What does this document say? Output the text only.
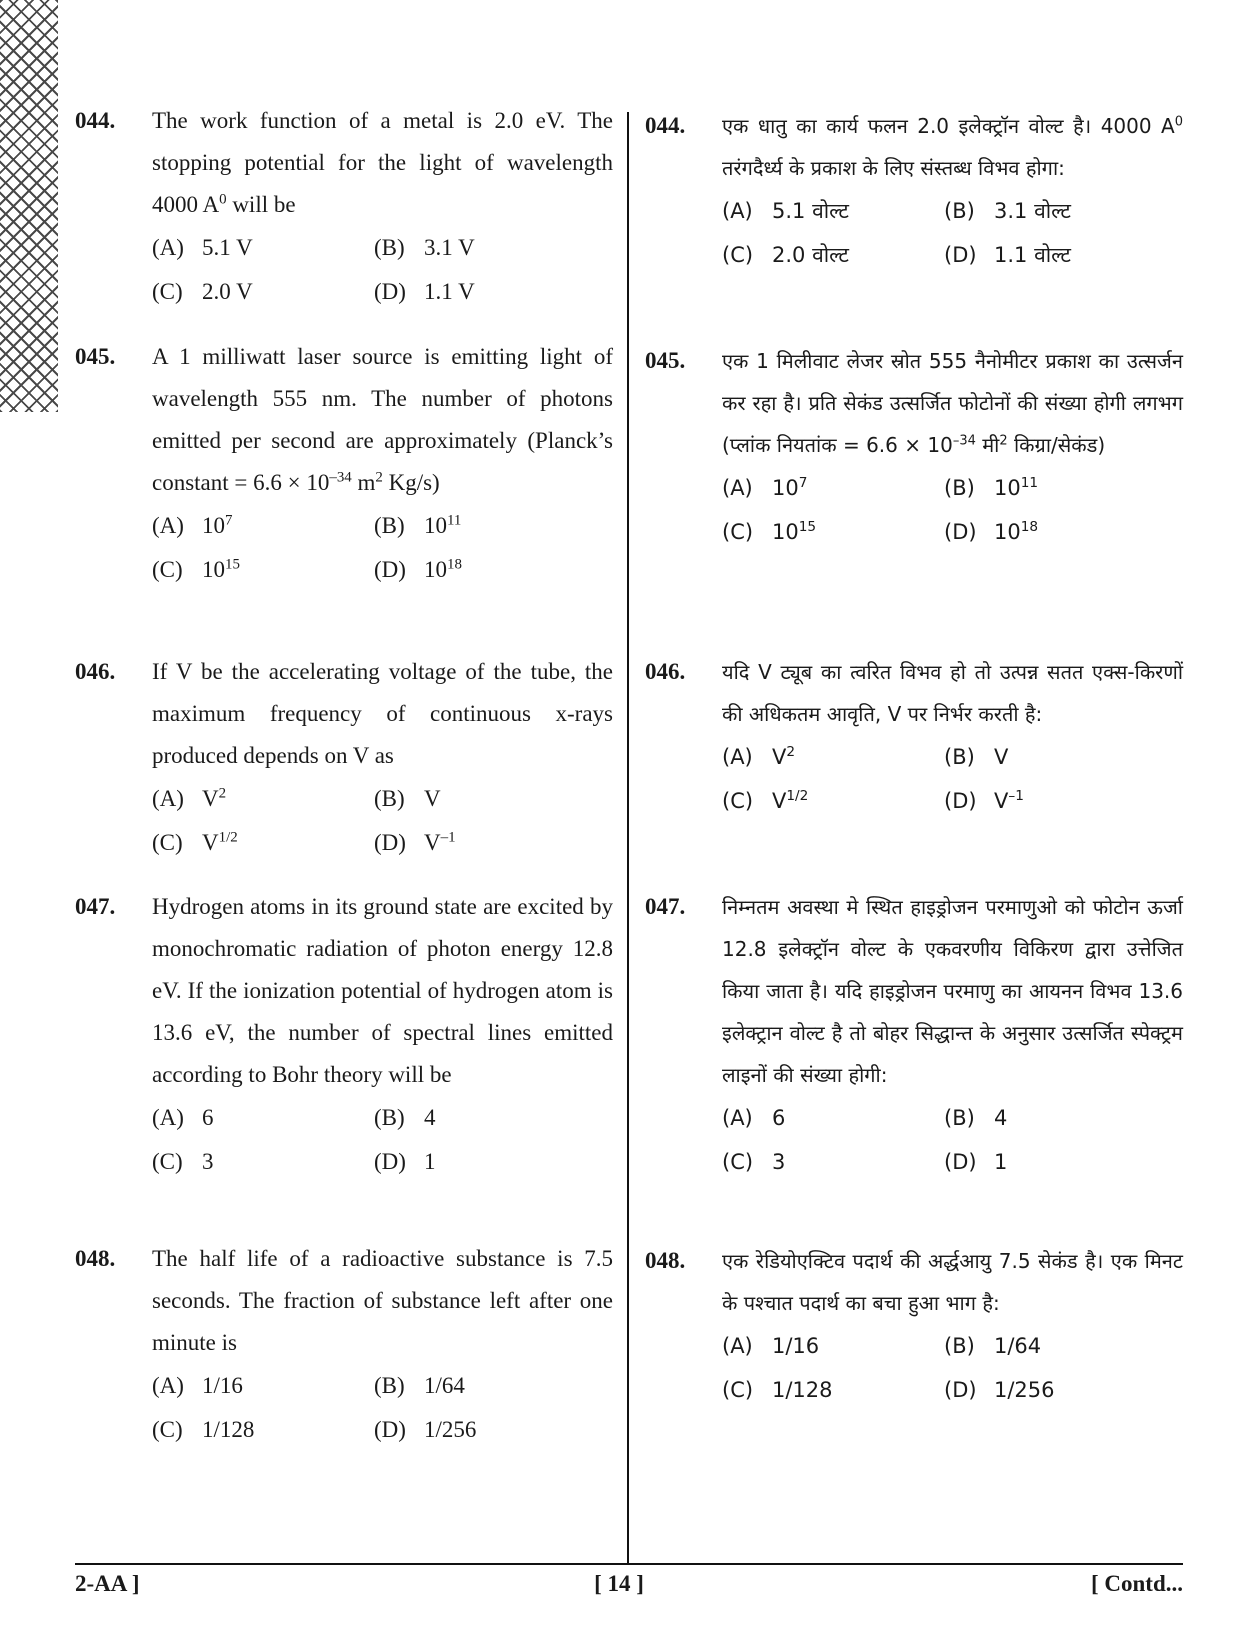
044. The work function of a metal is 2.0 eV. The stopping potential for the light of wavelength 4000 $A^0$ will be
(A) 5.1 V	(B) 3.1 V
(C) 2.0 V	(D) 1.1 V
045. A 1 milliwatt laser source is emitting light of wavelength 555 nm. The number of photons emitted per second are approximately (Planck’s constant = $6.6 \times 10^{-34}$ $m^2$ Kg/s)
(A) $10^7$	(B) $10^{11}$
(C) $10^{15}$	(D) $10^{18}$
046. If V be the accelerating voltage of the tube, the maximum frequency of continuous x-rays produced depends on V as
(A) $V^2$	(B) V
(C) $V^{1/2}$	(D) $V^{-1}$
047. Hydrogen atoms in its ground state are excited by monochromatic radiation of photon energy 12.8 eV. If the ionization potential of hydrogen atom is 13.6 eV, the number of spectral lines emitted according to Bohr theory will be
(A) 6	(B) 4
(C) 3	(D) 1
048. The half life of a radioactive substance is 7.5 seconds. The fraction of substance left after one minute is
(A) 1/16	(B) 1/64
(C) 1/128	(D) 1/256
044. एक धातु का कार्य फलन 2.0 इलेक्ट्रॉन वोल्ट है। 4000 $A^0$ तरंगदैर्ध्य के प्रकाश के लिए संस्तब्ध विभव होगा:
(A) 5.1 वोल्ट	(B) 3.1 वोल्ट
(C) 2.0 वोल्ट	(D) 1.1 वोल्ट
045. एक 1 मिलीवाट लेजर स्रोत 555 नैनोमीटर प्रकाश का उत्सर्जन कर रहा है। प्रति सेकंड उत्सर्जित फोटोनों की संख्या होगी लगभग (प्लांक नियतांक = $6.6 \times 10^{-34}$ मी$^2$ किग्रा/सेकंड)
(A) $10^7$	(B) $10^{11}$
(C) $10^{15}$	(D) $10^{18}$
046. यदि V ट्यूब का त्वरित विभव हो तो उत्पन्न सतत एक्स-किरणों की अधिकतम आवृति, V पर निर्भर करती है:
(A) $V^2$	(B) V
(C) $V^{1/2}$	(D) $V^{-1}$
047. निम्नतम अवस्था मे स्थित हाइड्रोजन परमाणुओ को फोटोन ऊर्जा 12.8 इलेक्ट्रॉन वोल्ट के एकवरणीय विकिरण द्वारा उत्तेजित किया जाता है। यदि हाइड्रोजन परमाणु का आयनन विभव 13.6 इलेक्ट्रान वोल्ट है तो बोहर सिद्धान्त के अनुसार उत्सर्जित स्पेक्ट्रम लाइनों की संख्या होगी:
(A) 6	(B) 4
(C) 3	(D) 1
048. एक रेडियोएक्टिव पदार्थ की अर्द्धआयु 7.5 सेकंड है। एक मिनट के पश्चात पदार्थ का बचा हुआ भाग है:
(A) 1/16	(B) 1/64
(C) 1/128	(D) 1/256
2-AA ]	[ 14 ]	[ Contd...
